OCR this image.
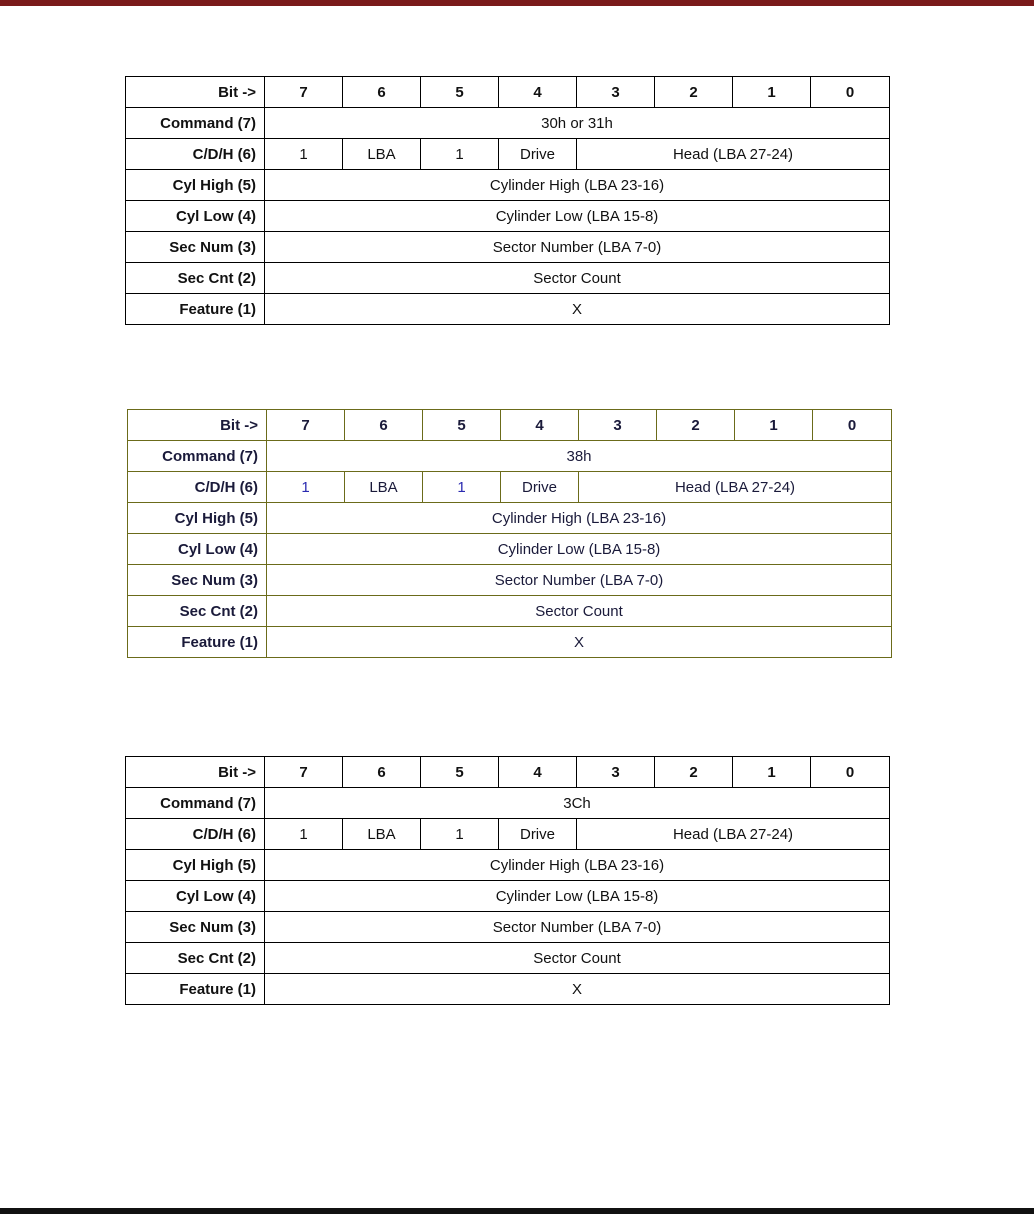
Bit ->	7	6	5	4	3	2	1	0
Command (7)	30h or 31h							
C/D/H (6)	1	LBA	1	Drive	Head (LBA 27-24)			
Cyl High (5)	Cylinder High (LBA 23-16)							
Cyl Low (4)	Cylinder Low (LBA 15-8)							
Sec Num (3)	Sector Number (LBA 7-0)							
Sec Cnt (2)	Sector Count							
Feature (1)	X							
Bit ->	7	6	5	4	3	2	1	0
Command (7)	38h							
C/D/H (6)	1	LBA	1	Drive	Head (LBA 27-24)			
Cyl High (5)	Cylinder High (LBA 23-16)							
Cyl Low (4)	Cylinder Low (LBA 15-8)							
Sec Num (3)	Sector Number (LBA 7-0)							
Sec Cnt (2)	Sector Count							
Feature (1)	X							
Bit ->	7	6	5	4	3	2	1	0
Command (7)	3Ch							
C/D/H (6)	1	LBA	1	Drive	Head (LBA 27-24)			
Cyl High (5)	Cylinder High (LBA 23-16)							
Cyl Low (4)	Cylinder Low (LBA 15-8)							
Sec Num (3)	Sector Number (LBA 7-0)							
Sec Cnt (2)	Sector Count							
Feature (1)	X							
